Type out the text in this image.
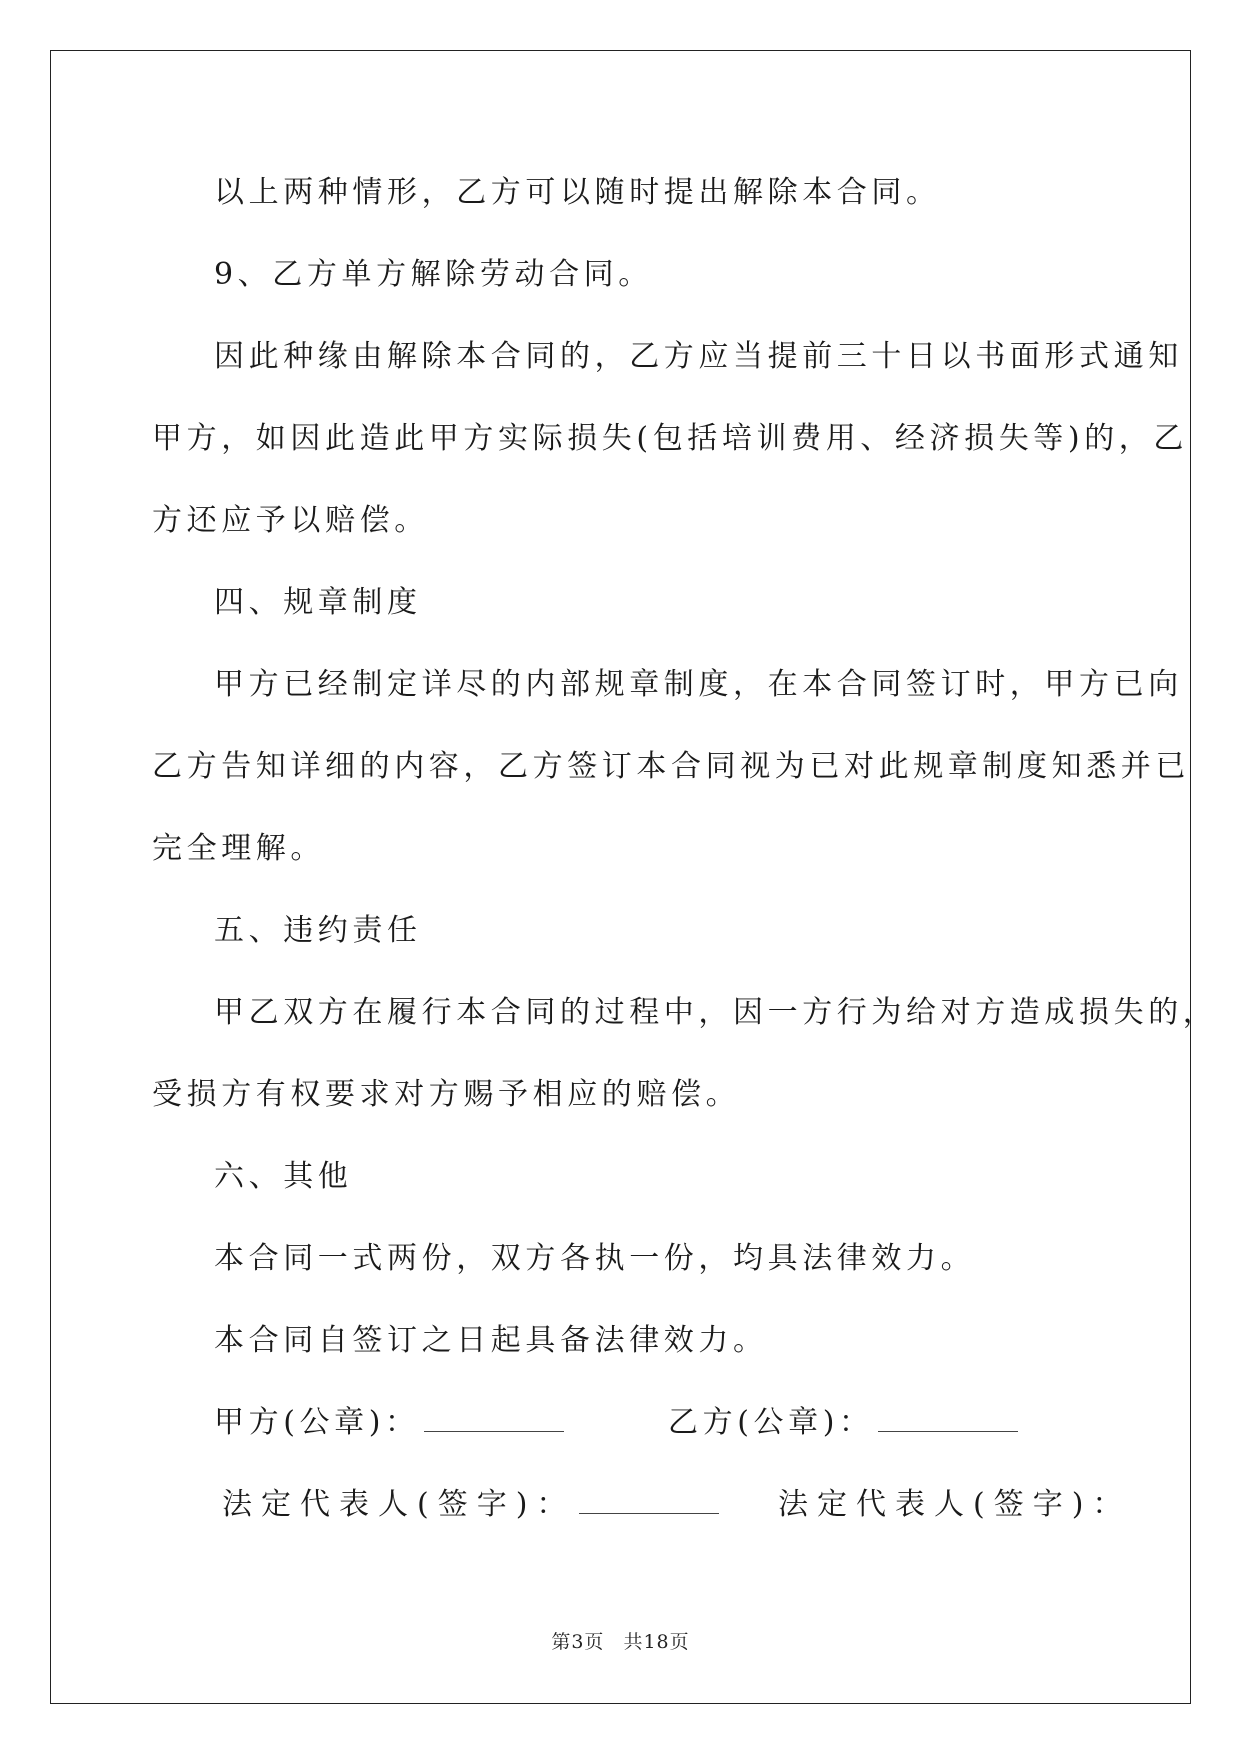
以上两种情形，乙方可以随时提出解除本合同。
9、乙方单方解除劳动合同。
因此种缘由解除本合同的，乙方应当提前三十日以书面形式通知
甲方，如因此造此甲方实际损失(包括培训费用、经济损失等)的，乙
方还应予以赔偿。
四、规章制度
甲方已经制定详尽的内部规章制度，在本合同签订时，甲方已向
乙方告知详细的内容，乙方签订本合同视为已对此规章制度知悉并已
完全理解。
五、违约责任
甲乙双方在履行本合同的过程中，因一方行为给对方造成损失的，
受损方有权要求对方赐予相应的赔偿。
六、其他
本合同一式两份，双方各执一份，均具法律效力。
本合同自签订之日起具备法律效力。
甲方(公章)：	乙方(公章)：
法定代表人(签字)：	法定代表人(签字)：
第3页 共18页
